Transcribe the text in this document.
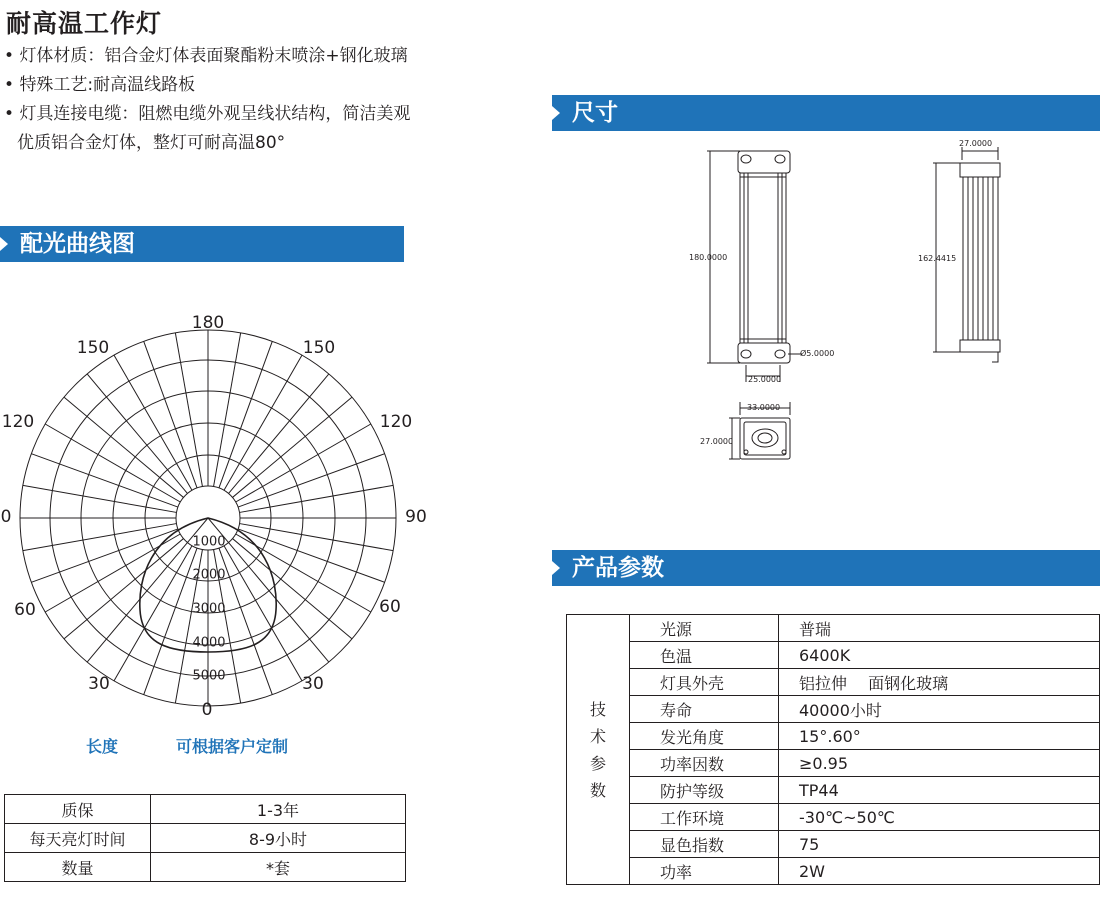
耐高温工作灯
• 灯体材质：铝合金灯体表面聚酯粉末喷涂+钢化玻璃
• 特殊工艺:耐高温线路板
• 灯具连接电缆：阻燃电缆外观呈线状结构，简洁美观
优质铝合金灯体，整灯可耐高温80°
配光曲线图
尺寸
产品参数
180
150	150
120	120
0	90
60	60
30	30
0
1000
2000
3000
4000
5000
长度	可根据客户定制
质保	1-3年
每天亮灯时间	8-9小时
数量	*套
180.0000
Ø5.0000
25.0000
27.0000
162.4415
33.0000
27.0000
技
术
参
数	光源	普瑞
	色温	6400K
	灯具外壳	铝拉伸　 面钢化玻璃
	寿命	40000小时
	发光角度	15°.60°
	功率因数	≥0.95
	防护等级	TP44
	工作环境	-30℃~50℃
	显色指数	75
	功率	2W
